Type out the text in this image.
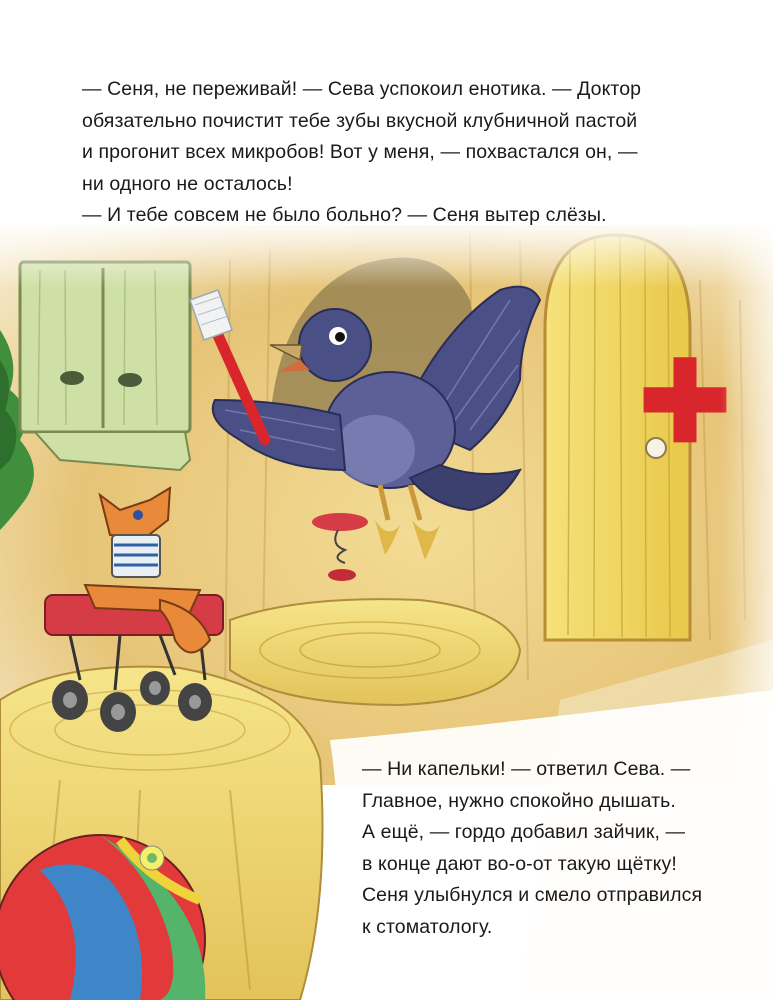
— Сеня, не переживай! — Сева успокоил енотика. — Доктор

обязательно почистит тебе зубы вкусной клубничной пастой

и прогонит всех микробов! Вот у меня, — похвастался он, —

ни одного не осталось!

— И тебе совсем не было больно? — Сеня вытер слёзы.

— Ни капельки! — ответил Сева. —

Главное, нужно спокойно дышать.

А ещё, — гордо добавил зайчик, —

в конце дают во-о-от такую щётку!

Сеня улыбнулся и смело отправился

к стоматологу.
